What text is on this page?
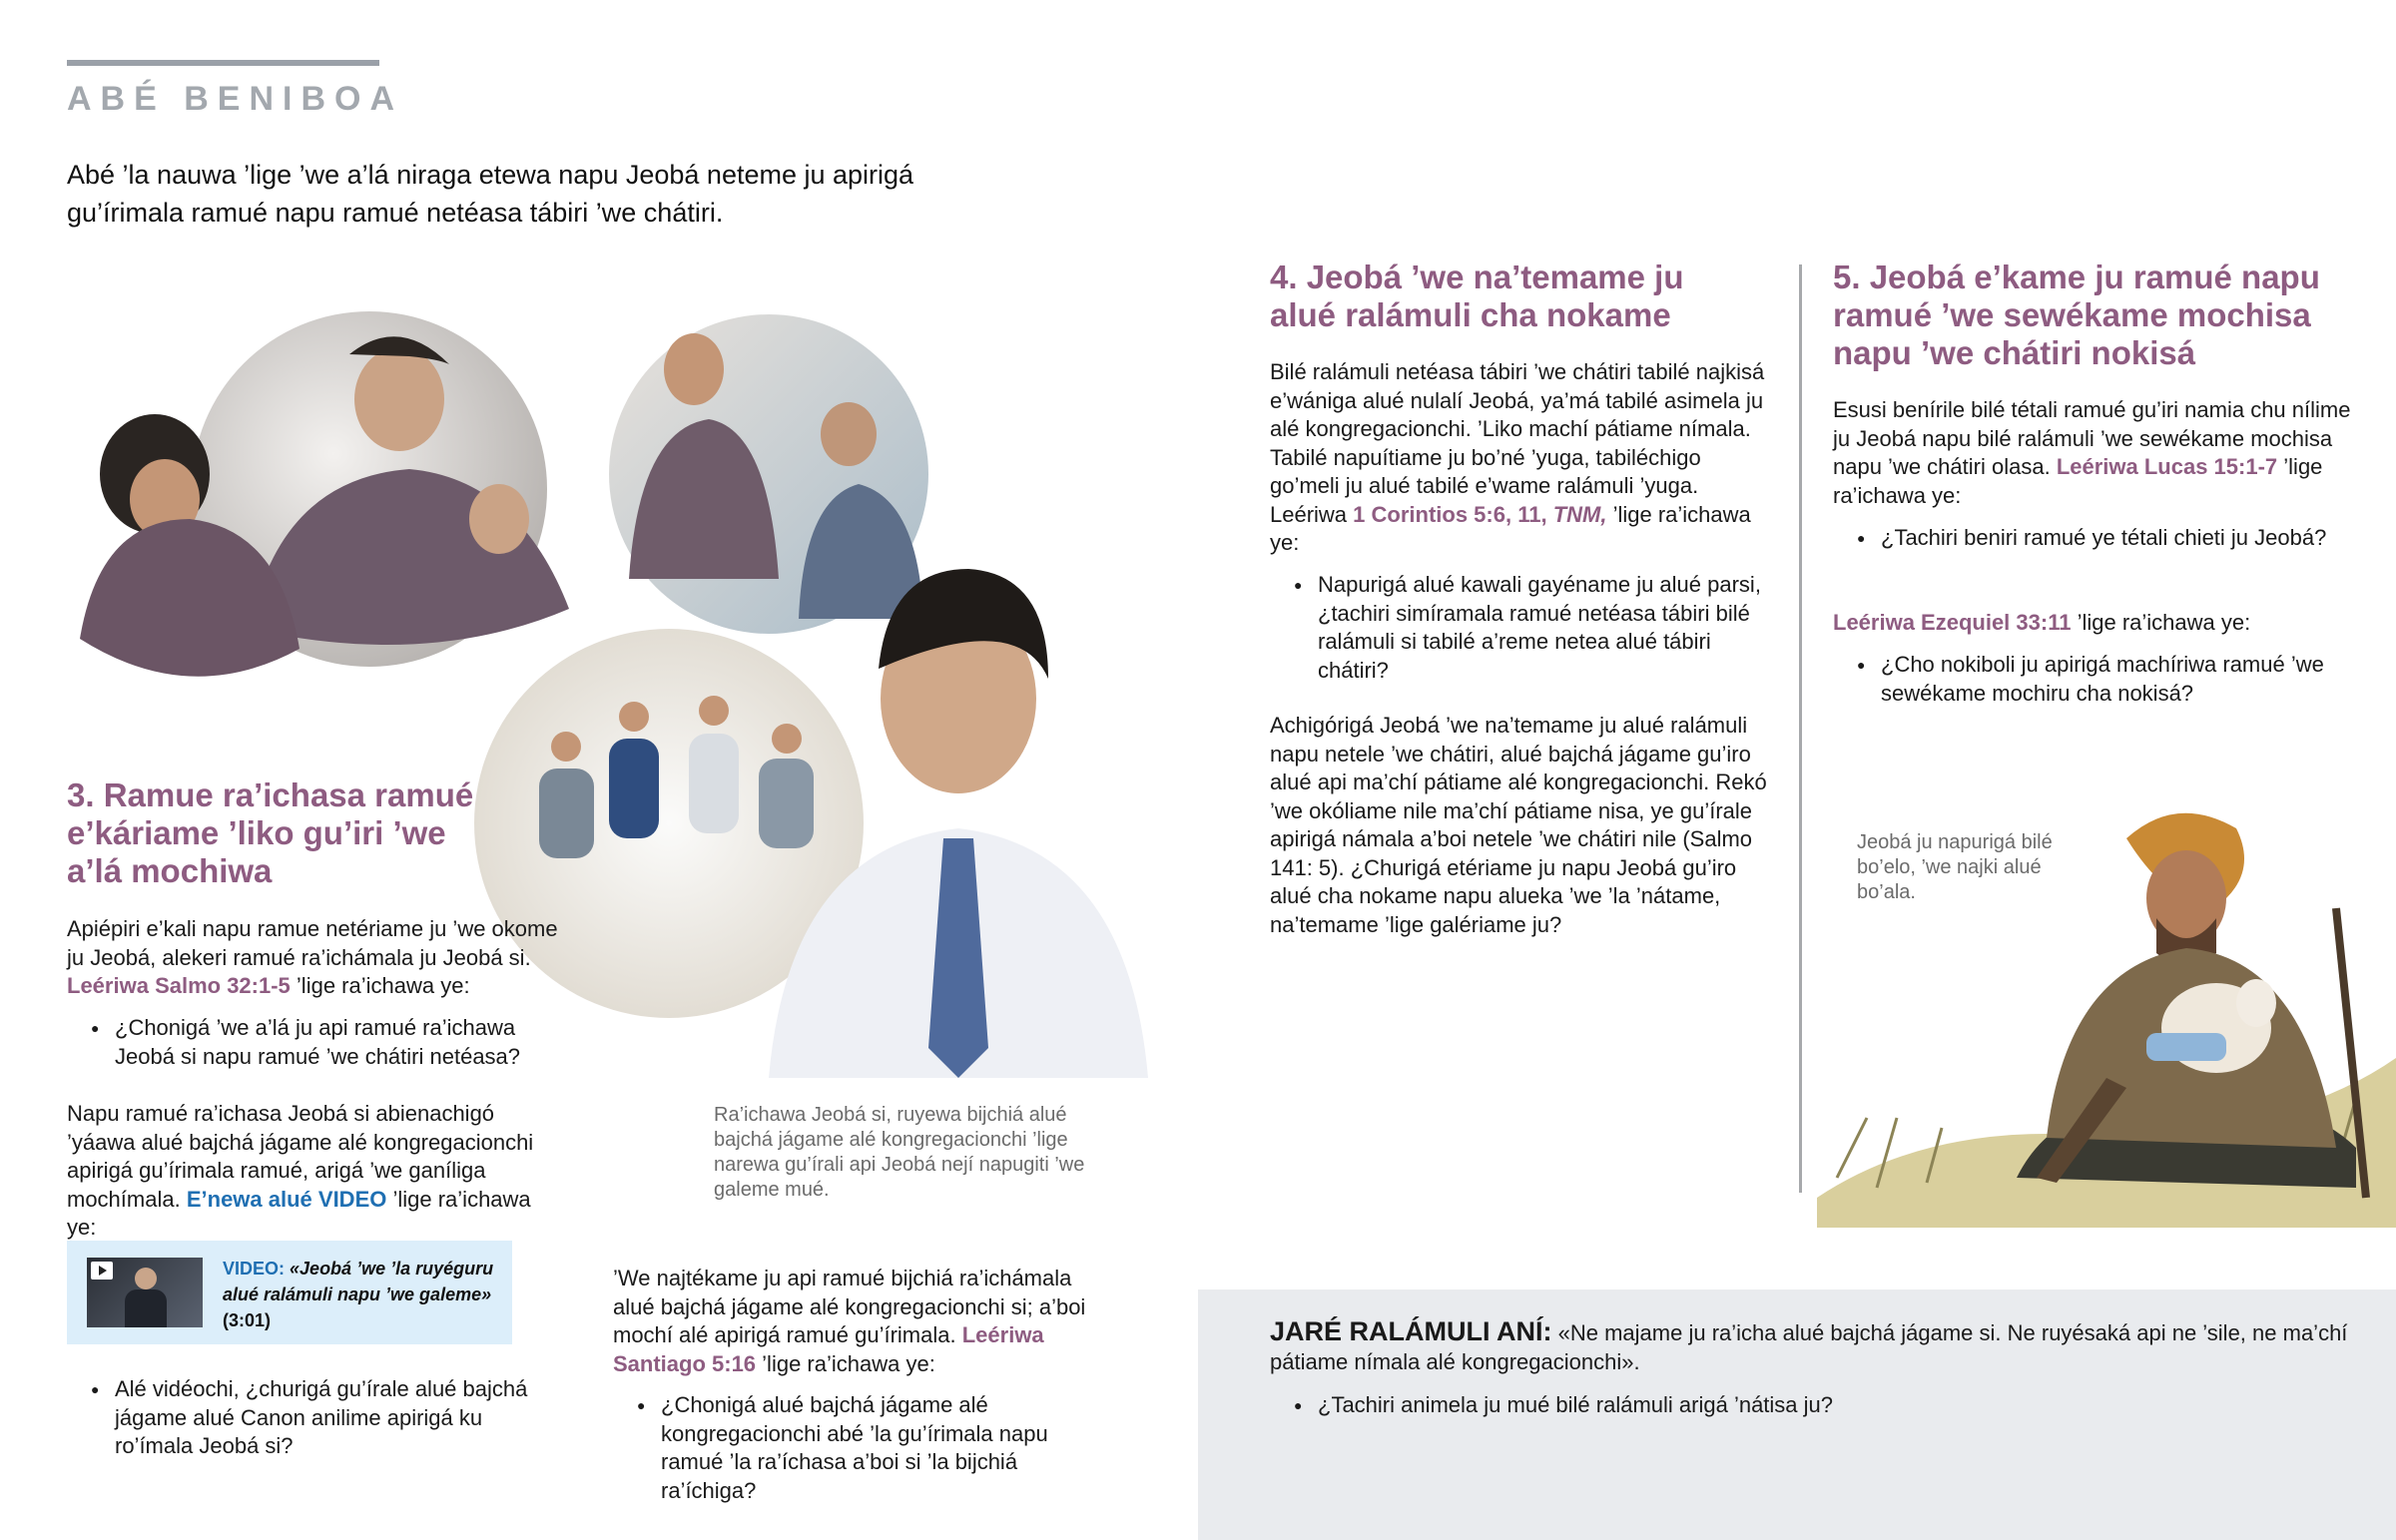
ABÉ BENIBOA
Abé ’la nauwa ’lige ’we a’lá niraga etewa napu Jeobá neteme ju apirigá gu’írimala ramué napu ramué netéasa tábiri ’we chátiri.
3. Ramue ra’ichasa ramué e’káriame ’liko gu’iri ’we a’lá mochiwa

Apiépiri e’kali napu ramue netériame ju ’we okome ju Jeobá, alekeri ramué ra’ichámala ju Jeobá si. Leériwa Salmo 32:1-5 ’lige ra’ichawa ye:

● ¿Chonigá ’we a’lá ju api ramué ra’ichawa Jeobá si napu ramué ’we chátiri netéasa?

Napu ramué ra’ichasa Jeobá si abienachigó ’yáawa alué bajchá jágame alé kongregacionchi apirigá gu’írimala ramué, arigá ’we ganíliga mochímala. E’newa alué VIDEO ’lige ra’ichawa ye:

VIDEO: «Jeobá ’we ’la ruyéguru alué ralámuli napu ’we galeme» (3:01)
● Alé vidéochi, ¿churigá gu’írale alué bajchá jágame alué Canon anilime apirigá ku ro’ímala Jeobá si?
Ra’ichawa Jeobá si, ruyewa bijchiá alué bajchá jágame alé kongregacionchi ’lige narewa gu’írali api Jeobá nejí napugiti ’we galeme mué.

’We najtékame ju api ramué bijchiá ra’ichámala alué bajchá jágame alé kongregacionchi si; a’boi mochí alé apirigá ramué gu’írimala. Leériwa Santiago 5:16 ’lige ra’ichawa ye:

● ¿Chonigá alué bajchá jágame alé kongregacionchi abé ’la gu’írimala napu ramué ’la ra’íchasa a’boi si ’la bijchiá ra’íchiga?
4. Jeobá ’we na’temame ju alué ralámuli cha nokame

Bilé ralámuli netéasa tábiri ’we chátiri tabilé najkisá e’wániga alué nulalí Jeobá, ya’má tabilé asimela ju alé kongregacionchi. ’Liko machí pátiame nímala. Tabilé napuítiame ju bo’né ’yuga, tabiléchigo go’meli ju alué tabilé e’wame ralámuli ’yuga. Leériwa 1 Corintios 5:6, 11, TNM, ’lige ra’ichawa ye:

● Napurigá alué kawali gayéname ju alué parsi, ¿tachiri simíramala ramué netéasa tábiri bilé ralámuli si tabilé a’reme netea alué tábiri chátiri?

Achigórigá Jeobá ’we na’temame ju alué ralámuli napu netele ’we chátiri, alué bajchá jágame gu’iro alué api ma’chí pátiame alé kongregacionchi. Rekó ’we okóliame nile ma’chí pátiame nisa, ye gu’írale apirigá námala a’boi netele ’we chátiri nile (Salmo 141: 5). ¿Churigá etériame ju napu Jeobá gu’iro alué cha nokame napu alueka ’we ’la ’nátame, na’temame ’lige galériame ju?

5. Jeobá e’kame ju ramué napu ramué ’we sewékame mochisa napu ’we chátiri nokisá

Esusi benírile bilé tétali ramué gu’iri namia chu nílime ju Jeobá napu bilé ralámuli ’we sewékame mochisa napu ’we chátiri olasa. Leériwa Lucas 15:1-7 ’lige ra’ichawa ye:

● ¿Tachiri beniri ramué ye tétali chieti ju Jeobá?

Leériwa Ezequiel 33:11 ’lige ra’ichawa ye:

● ¿Cho nokiboli ju apirigá machíriwa ramué ’we sewékame mochiru cha nokisá?
Jeobá ju napurigá bilé bo’elo, ’we najki alué bo’ala.
JARÉ RALÁMULI ANÍ: «Ne majame ju ra’icha alué bajchá jágame si. Ne ruyésaká api ne ’sile, ne ma’chí pátiame nímala alé kongregacionchi».
● ¿Tachiri animela ju mué bilé ralámuli arigá ’nátisa ju?
